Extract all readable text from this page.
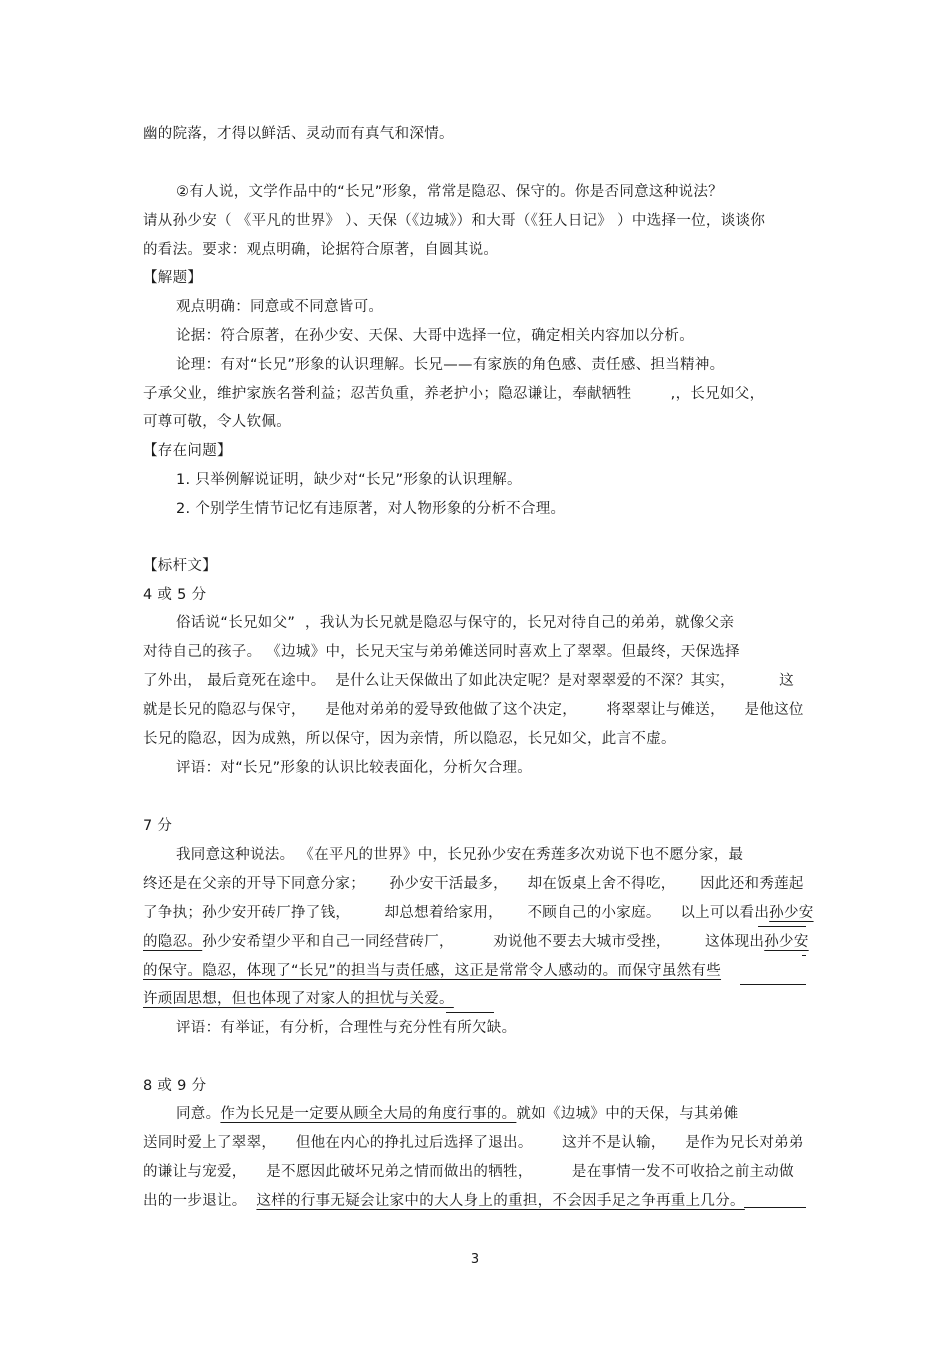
幽的院落，才得以鲜活、灵动而有真气和深情。
②有人说，文学作品中的“长兄”形象，常常是隐忍、保守的。你是否同意这种说法？
请从孙少安（ 《平凡的世界》 ）、天保（《边城》）和大哥（《狂人日记》 ）中选择一位，谈谈你
的看法。要求：观点明确，论据符合原著，自圆其说。
【解题】
观点明确：同意或不同意皆可。
论据：符合原著，在孙少安、天保、大哥中选择一位，确定相关内容加以分析。
论理：有对“长兄”形象的认识理解。长兄——有家族的角色感、责任感、担当精神。
子承父业，维护家族名誉利益；忍苦负重，养老护小；隐忍谦让，奉献牺牲        ,，长兄如父，
可尊可敬，令人钦佩。
【存在问题】
1. 只举例解说证明，缺少对“长兄”形象的认识理解。
2. 个别学生情节记忆有违原著，对人物形象的分析不合理。
【标杆文】
4 或 5 分
俗话说“长兄如父”  ，我认为长兄就是隐忍与保守的，长兄对待自己的弟弟，就像父亲
对待自己的孩子。 《边城》中，长兄天宝与弟弟傩送同时喜欢上了翠翠。但最终，天保选择
了外出， 最后竟死在途中。  是什么让天保做出了如此决定呢？是对翠翠爱的不深？其实，         这
就是长兄的隐忍与保守，    是他对弟弟的爱导致他做了这个决定，      将翠翠让与傩送，    是他这位
长兄的隐忍，因为成熟，所以保守，因为亲情，所以隐忍，长兄如父，此言不虚。
评语：对“长兄”形象的认识比较表面化，分析欠合理。
7 分
我同意这种说法。 《在平凡的世界》中，长兄孙少安在秀莲多次劝说下也不愿分家，最
终还是在父亲的开导下同意分家；     孙少安干活最多，    却在饭桌上舍不得吃，     因此还和秀莲起
了争执；孙少安开砖厂挣了钱，       却总想着给家用，     不顾自己的小家庭。    以上可以看出孙少安
的隐忍。孙少安希望少平和自己一同经营砖厂，        劝说他不要去大城市受挫，       这体现出孙少安
的保守。隐忍，体现了“长兄”的担当与责任感，这正是常常令人感动的。而保守虽然有些
许顽固思想，但也体现了对家人的担忧与关爱。
评语：有举证，有分析，合理性与充分性有所欠缺。
8 或 9 分
同意。作为长兄是一定要从顾全大局的角度行事的。就如《边城》中的天保，与其弟傩
送同时爱上了翠翠，    但他在内心的挣扎过后选择了退出。      这并不是认输，    是作为兄长对弟弟
的谦让与宠爱，    是不愿因此破坏兄弟之情而做出的牺牲，        是在事情一发不可收拾之前主动做
出的一步退让。  这样的行事无疑会让家中的大人身上的重担，不会因手足之争再重上几分。
3
